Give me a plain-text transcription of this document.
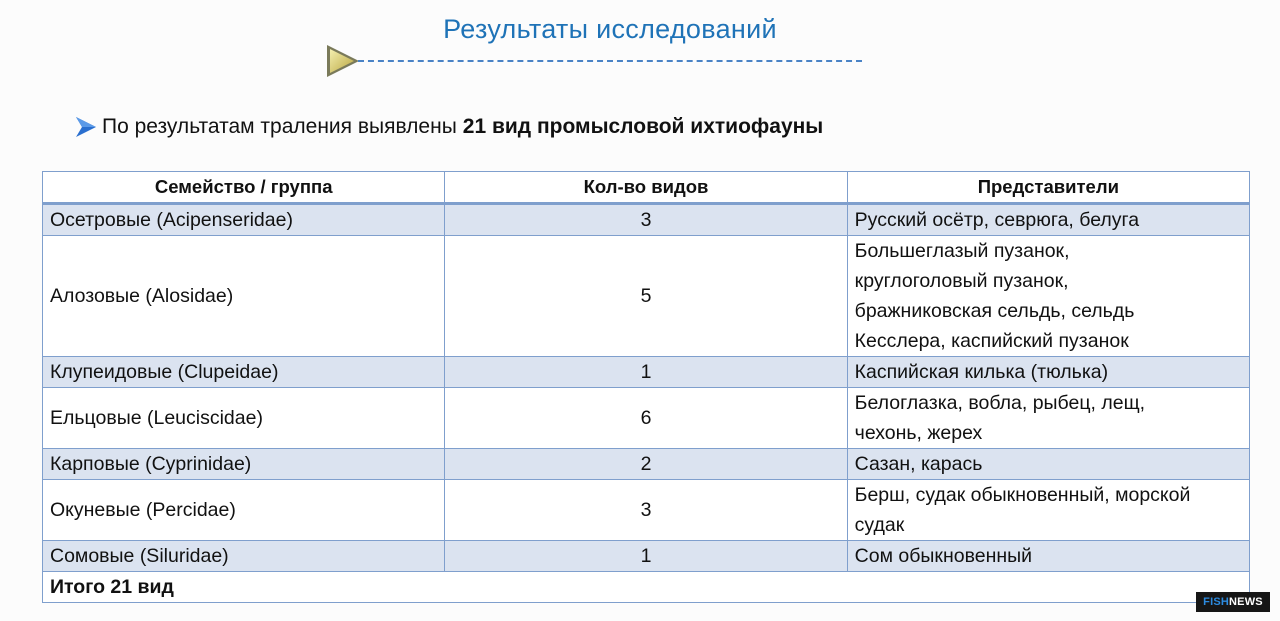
Результаты исследований
По результатам траления выявлены 21 вид промысловой ихтиофауны
Семейство / группа	Кол-во видов	Представители
Осетровые (Acipenseridae)	3	Русский осётр, севрюга, белуга

Алозовые (Alosidae)	5	Большеглазый пузанок,
круглоголовый пузанок,
бражниковская сельдь, сельдь
Кесслера, каспийский пузанок

Клупеидовые (Clupeidae)	1	Каспийская килька (тюлька)

Ельцовые (Leuciscidae)	6	Белоглазка, вобла, рыбец, лещ,
чехонь, жерех

Карповые (Cyprinidae)	2	Сазан, карась

Окуневые (Percidae)	3	Берш, судак обыкновенный, морской
судак

Сомовые (Siluridae)	1	Сом обыкновенный

Итого 21 вид		
FISH NEWS
